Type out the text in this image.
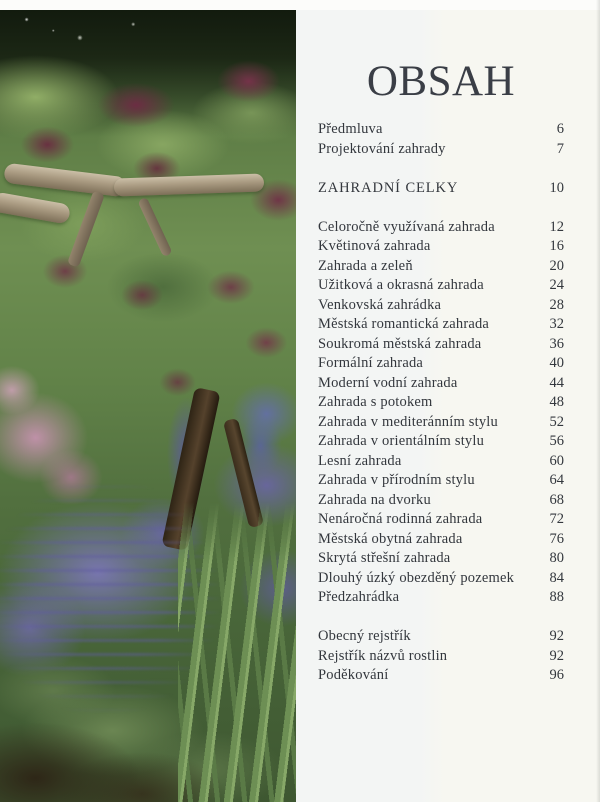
OBSAH
Předmluva	6
Projektování zahrady	7
ZAHRADNÍ CELKY	10
Celoročně využívaná zahrada	12
Květinová zahrada	16
Zahrada a zeleň	20
Užitková a okrasná zahrada	24
Venkovská zahrádka	28
Městská romantická zahrada	32
Soukromá městská zahrada	36
Formální zahrada	40
Moderní vodní zahrada	44
Zahrada s potokem	48
Zahrada v mediteránním stylu	52
Zahrada v orientálním stylu	56
Lesní zahrada	60
Zahrada v přírodním stylu	64
Zahrada na dvorku	68
Nenáročná rodinná zahrada	72
Městská obytná zahrada	76
Skrytá střešní zahrada	80
Dlouhý úzký obezděný pozemek	84
Předzahrádka	88
Obecný rejstřík	92
Rejstřík názvů rostlin	92
Poděkování	96
